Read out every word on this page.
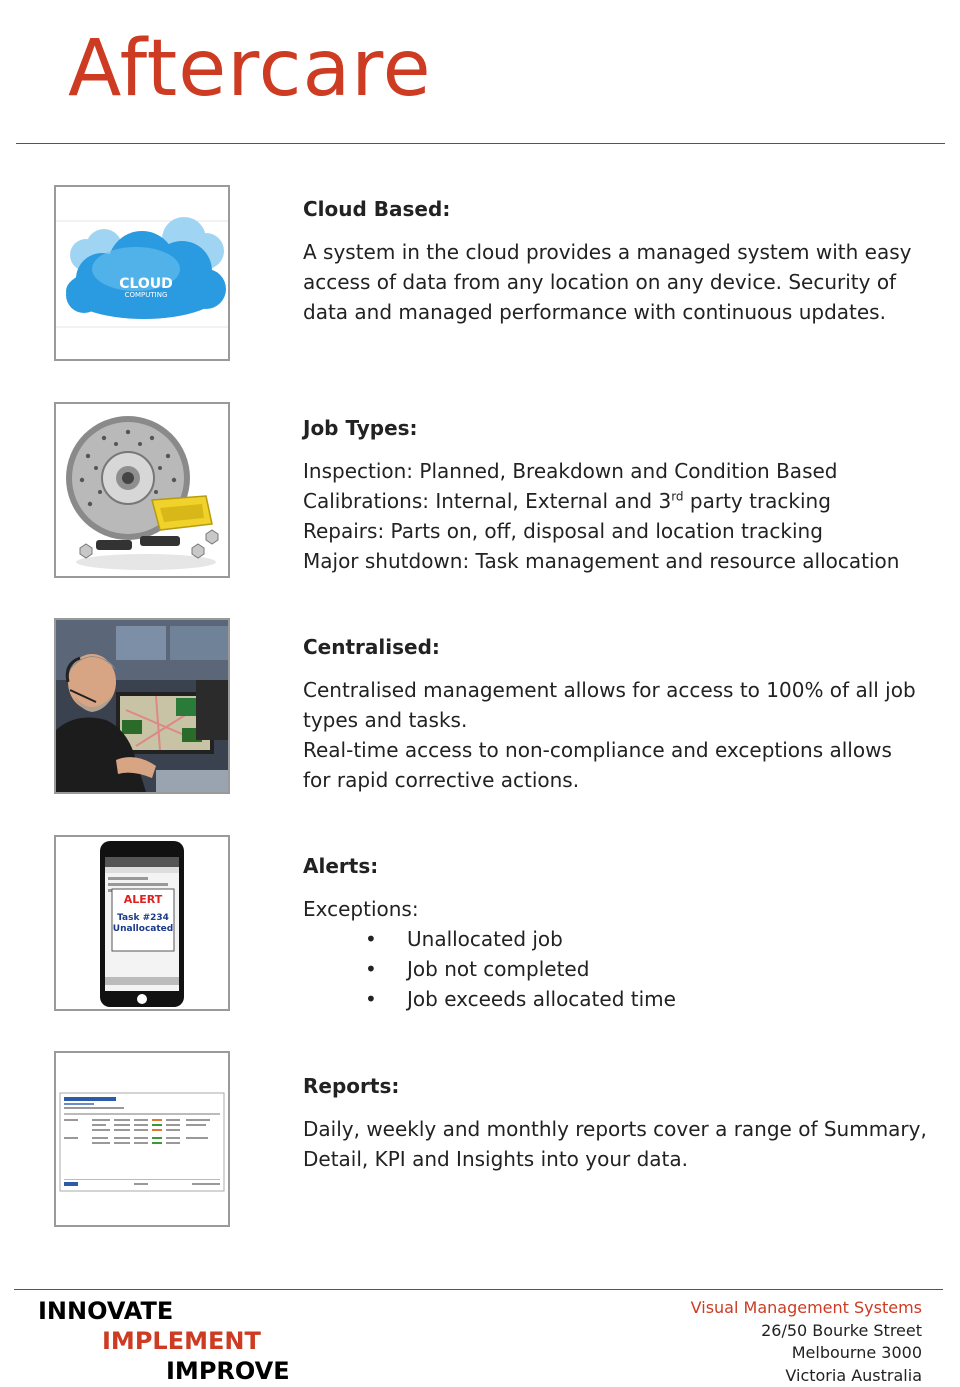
Aftercare
CLOUD
COMPUTING

Cloud Based:

A system in the cloud provides a managed system with easy
access of data from any location on any device. Security of
data and managed performance with continuous updates.

Job Types:

Inspection: Planned, Breakdown and Condition Based
Calibrations: Internal, External and 3rd party tracking
Repairs: Parts on, off, disposal and location tracking
Major shutdown: Task management and resource allocation

Centralised:

Centralised management allows for access to 100% of all job
types and tasks.
Real-time access to non-compliance and exceptions allows
for rapid corrective actions.

ALERT
Task #234
Unallocated

Alerts:

Exceptions:

• Unallocated job
• Job not completed
• Job exceeds allocated time

Reports:

Daily, weekly and monthly reports cover a range of Summary,
Detail, KPI and Insights into your data.

INNOVATE
IMPLEMENT
IMPROVE
Visual Management Systems
26/50 Bourke Street
Melbourne 3000
Victoria Australia
